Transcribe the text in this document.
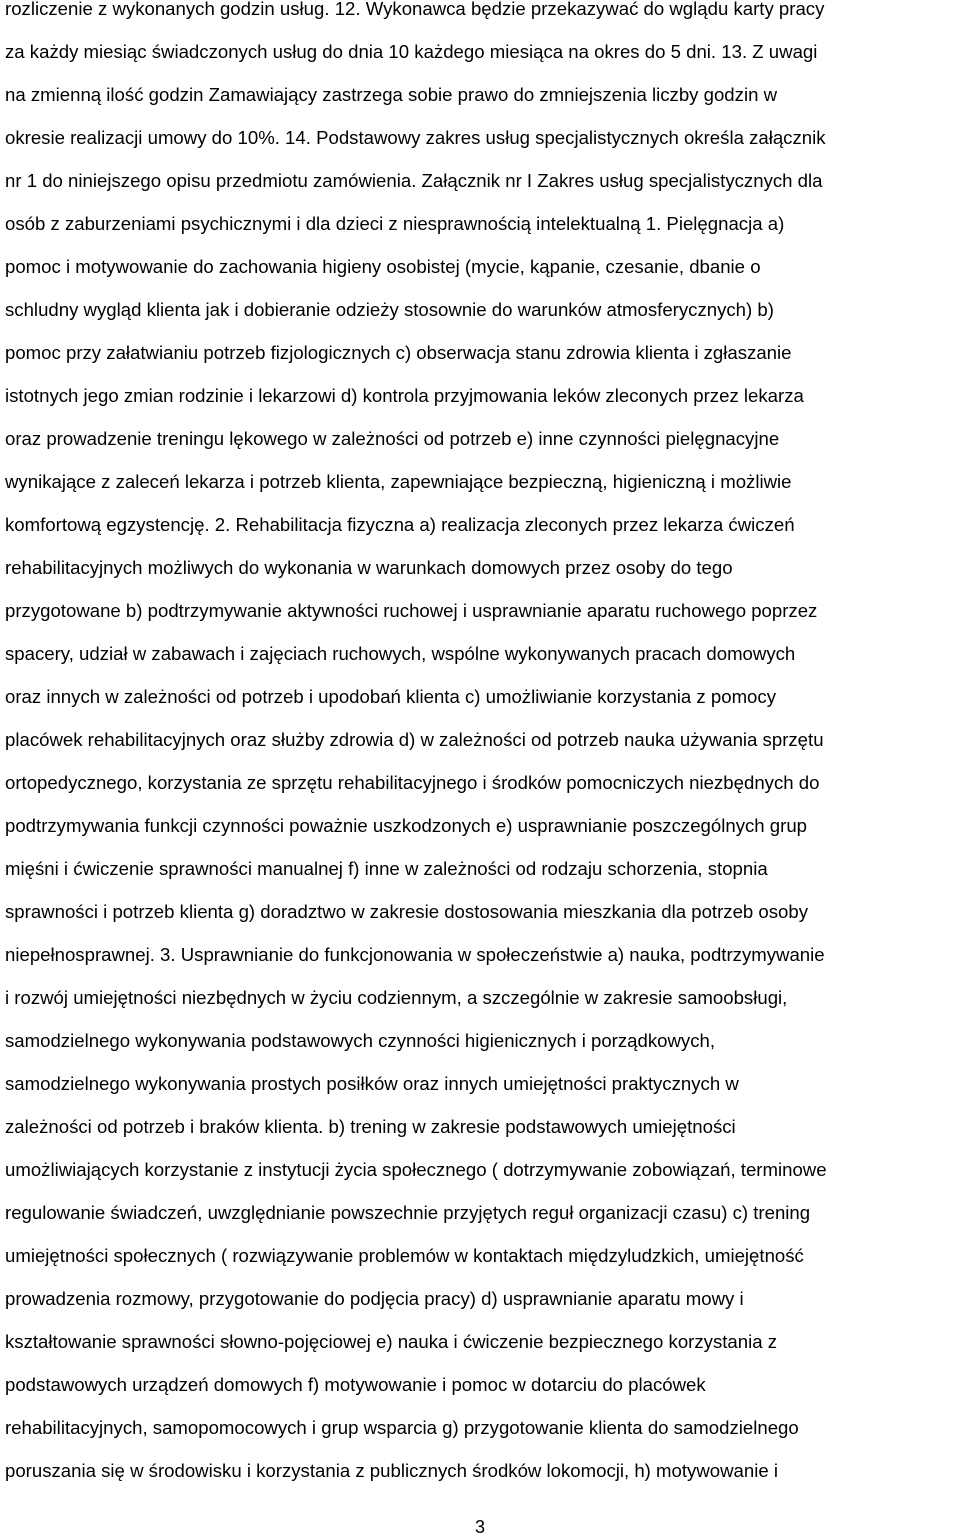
rozliczenie z wykonanych godzin usług. 12. Wykonawca będzie przekazywać do wglądu karty pracy
za każdy miesiąc świadczonych usług do dnia 10 każdego miesiąca na okres do 5 dni. 13. Z uwagi
na zmienną ilość godzin Zamawiający zastrzega sobie prawo do zmniejszenia liczby godzin w
okresie realizacji umowy do 10%. 14. Podstawowy zakres usług specjalistycznych określa załącznik
nr 1 do niniejszego opisu przedmiotu zamówienia. Załącznik nr I Zakres usług specjalistycznych dla
osób z zaburzeniami psychicznymi i dla dzieci z niesprawnością intelektualną 1. Pielęgnacja a)
pomoc i motywowanie do zachowania higieny osobistej (mycie, kąpanie, czesanie, dbanie o
schludny wygląd klienta jak i dobieranie odzieży stosownie do warunków atmosferycznych) b)
pomoc przy załatwianiu potrzeb fizjologicznych c) obserwacja stanu zdrowia klienta i zgłaszanie
istotnych jego zmian rodzinie i lekarzowi d) kontrola przyjmowania leków zleconych przez lekarza
oraz prowadzenie treningu lękowego w zależności od potrzeb e) inne czynności pielęgnacyjne
wynikające z zaleceń lekarza i potrzeb klienta, zapewniające bezpieczną, higieniczną i możliwie
komfortową egzystencję. 2. Rehabilitacja fizyczna a) realizacja zleconych przez lekarza ćwiczeń
rehabilitacyjnych możliwych do wykonania w warunkach domowych przez osoby do tego
przygotowane b) podtrzymywanie aktywności ruchowej i usprawnianie aparatu ruchowego poprzez
spacery, udział w zabawach i zajęciach ruchowych, wspólne wykonywanych pracach domowych
oraz innych w zależności od potrzeb i upodobań klienta c) umożliwianie korzystania z pomocy
placówek rehabilitacyjnych oraz służby zdrowia d) w zależności od potrzeb nauka używania sprzętu
ortopedycznego, korzystania ze sprzętu rehabilitacyjnego i środków pomocniczych niezbędnych do
podtrzymywania funkcji czynności poważnie uszkodzonych e) usprawnianie poszczególnych grup
mięśni i ćwiczenie sprawności manualnej f) inne w zależności od rodzaju schorzenia, stopnia
sprawności i potrzeb klienta g) doradztwo w zakresie dostosowania mieszkania dla potrzeb osoby
niepełnosprawnej. 3. Usprawnianie do funkcjonowania w społeczeństwie a) nauka, podtrzymywanie
i rozwój umiejętności niezbędnych w życiu codziennym, a szczególnie w zakresie samoobsługi,
samodzielnego wykonywania podstawowych czynności higienicznych i porządkowych,
samodzielnego wykonywania prostych posiłków oraz innych umiejętności praktycznych w
zależności od potrzeb i braków klienta. b) trening w zakresie podstawowych umiejętności
umożliwiających korzystanie z instytucji życia społecznego ( dotrzymywanie zobowiązań, terminowe
regulowanie świadczeń, uwzględnianie powszechnie przyjętych reguł organizacji czasu) c) trening
umiejętności społecznych ( rozwiązywanie problemów w kontaktach międzyludzkich, umiejętność
prowadzenia rozmowy, przygotowanie do podjęcia pracy) d) usprawnianie aparatu mowy i
kształtowanie sprawności słowno-pojęciowej e) nauka i ćwiczenie bezpiecznego korzystania z
podstawowych urządzeń domowych f) motywowanie i pomoc w dotarciu do placówek
rehabilitacyjnych, samopomocowych i grup wsparcia g) przygotowanie klienta do samodzielnego
poruszania się w środowisku i korzystania z publicznych środków lokomocji, h) motywowanie i
3
